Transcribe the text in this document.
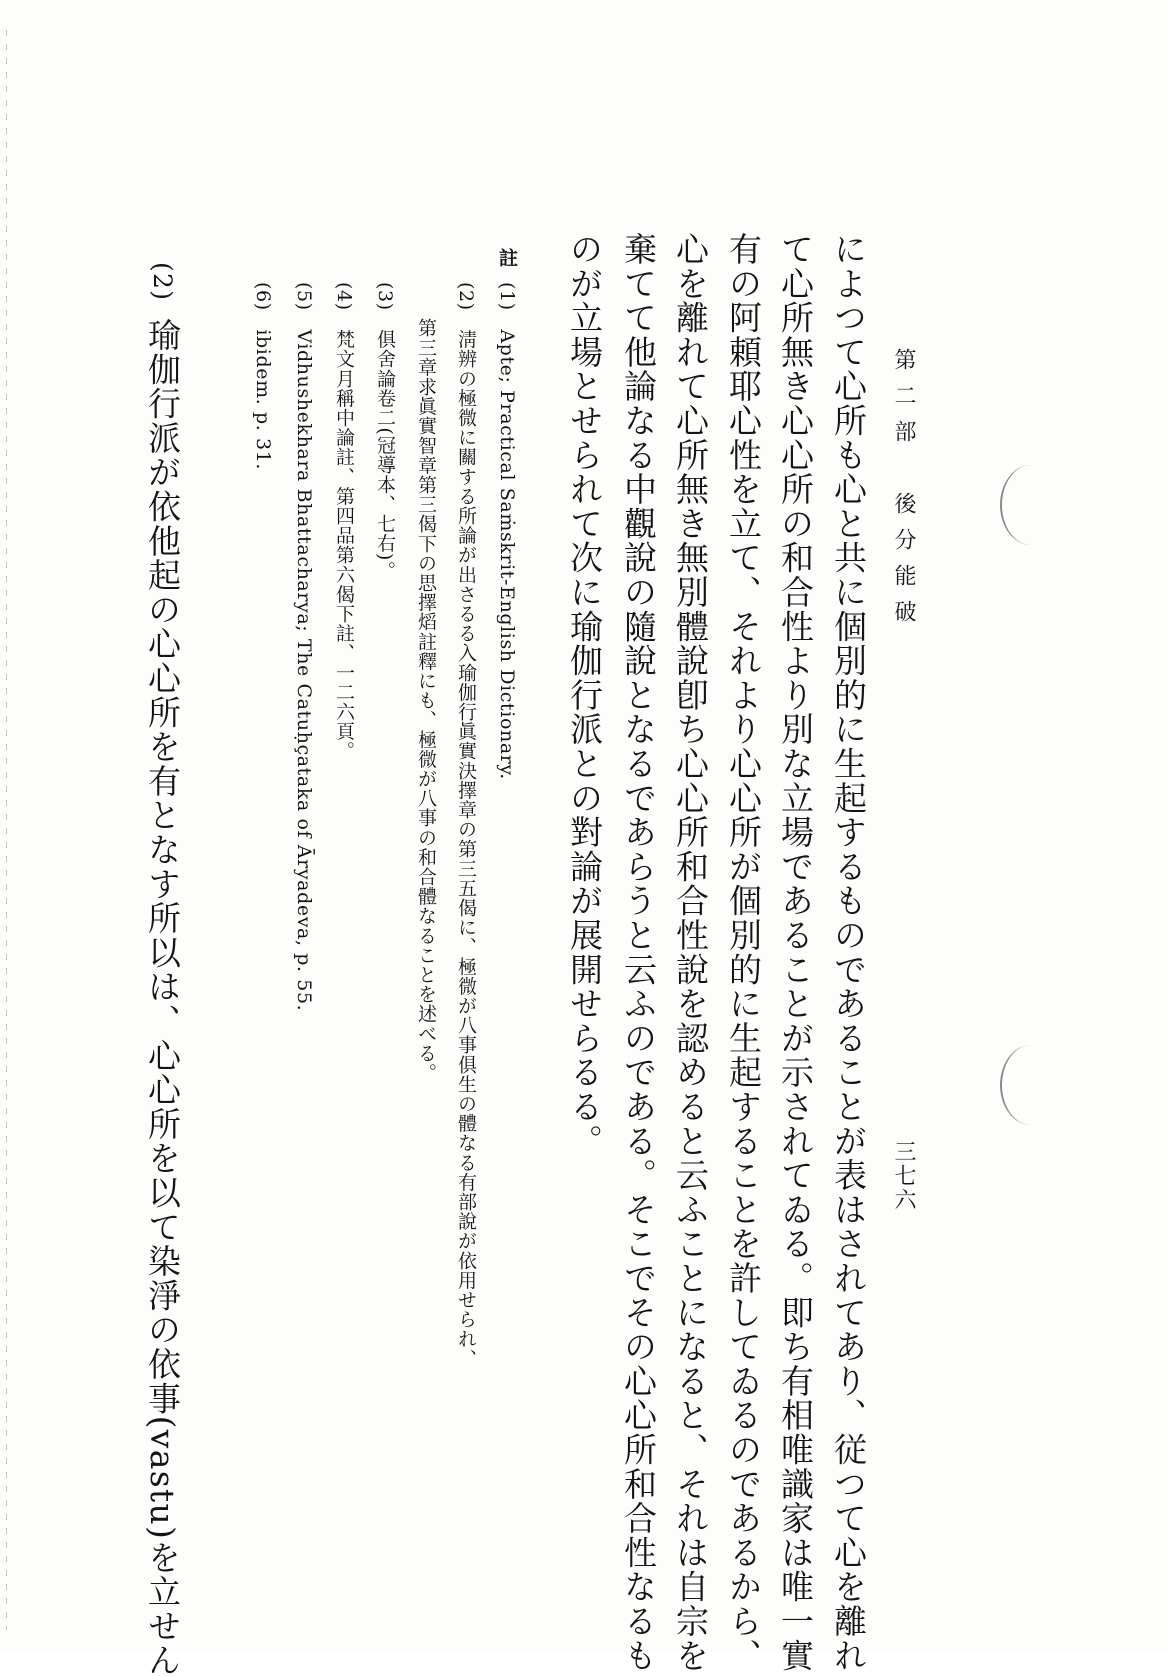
第二部　後分能破
三七六
によつて心所も心と共に個別的に生起するものであることが表はされてあり、従つて心を離れ
て心所無き心心所の和合性より別な立場であることが示されてゐる。即ち有相唯識家は唯一實
有の阿頼耶心性を立て、それより心心所が個別的に生起することを許してゐるのであるから、
心を離れて心所無き無別體說卽ち心心所和合性說を認めると云ふことになると、それは自宗を
棄てて他論なる中觀說の隨說となるであらうと云ふのである。そこでその心心所和合性なるも
のが立場とせられて次に瑜伽行派との對論が展開せらるる。
註
(1) Apte; Practical Saṁskrit-English Dictionary.
(2) 淸辨の極微に關する所論が出さるる入瑜伽行眞實決擇章の第三五偈に、極微が八事俱生の體なる有部說が依用せられ、
第三章求眞實智章第三偈下の思擇熖註釋にも、極微が八事の和合體なることを述べる。
(3) 俱舍論卷二(冠導本、七右)。
(4) 梵文月稱中論註、第四品第六偈下註、一二六頁。
(5) Vidhushekhara Bhattacharya; The Catuḥçataka of Āryadeva, p. 55.
(6) ibidem. p. 31.
(2)
瑜伽行派が依他起の心心所を有となす所以は、心心所を以て染淨の依事(vastu)を立せん
